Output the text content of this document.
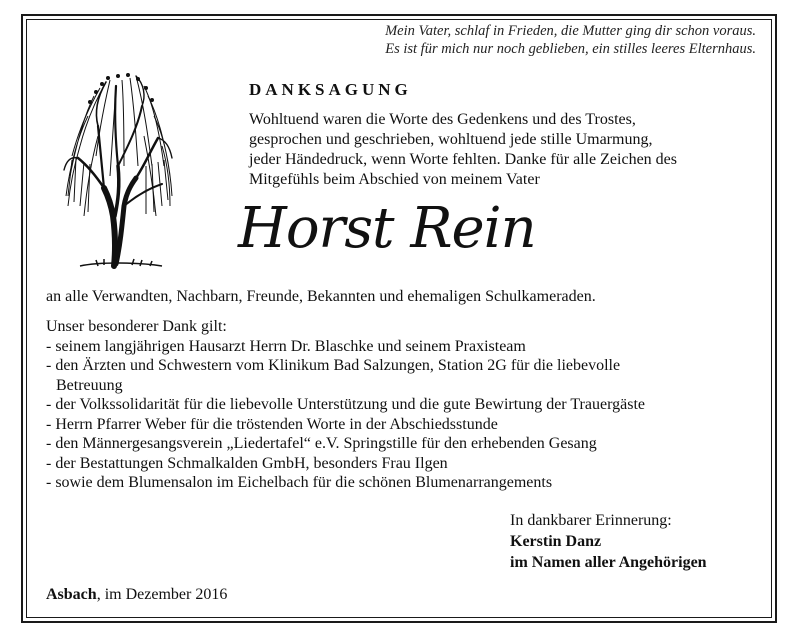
Mein Vater, schlaf in Frieden, die Mutter ging dir schon voraus.
Es ist für mich nur noch geblieben, ein stilles leeres Elternhaus.
DANKSAGUNG
Wohltuend waren die Worte des Gedenkens und des Trostes,
gesprochen und geschrieben, wohltuend jede stille Umarmung,
jeder Händedruck, wenn Worte fehlten. Danke für alle Zeichen des
Mitgefühls beim Abschied von meinem Vater
Horst Rein
an alle Verwandten, Nachbarn, Freunde, Bekannten und ehemaligen Schulkameraden.
Unser besonderer Dank gilt:
- seinem langjährigen Hausarzt Herrn Dr. Blaschke und seinem Praxisteam
- den Ärzten und Schwestern vom Klinikum Bad Salzungen, Station 2G für die liebevolle
Betreuung
- der Volkssolidarität für die liebevolle Unterstützung und die gute Bewirtung der Trauergäste
- Herrn Pfarrer Weber für die tröstenden Worte in der Abschiedsstunde
- den Männergesangsverein „Liedertafel“ e.V. Springstille für den erhebenden Gesang
- der Bestattungen Schmalkalden GmbH, besonders Frau Ilgen
- sowie dem Blumensalon im Eichelbach für die schönen Blumenarrangements
In dankbarer Erinnerung:
Kerstin Danz
im Namen aller Angehörigen
Asbach, im Dezember 2016
